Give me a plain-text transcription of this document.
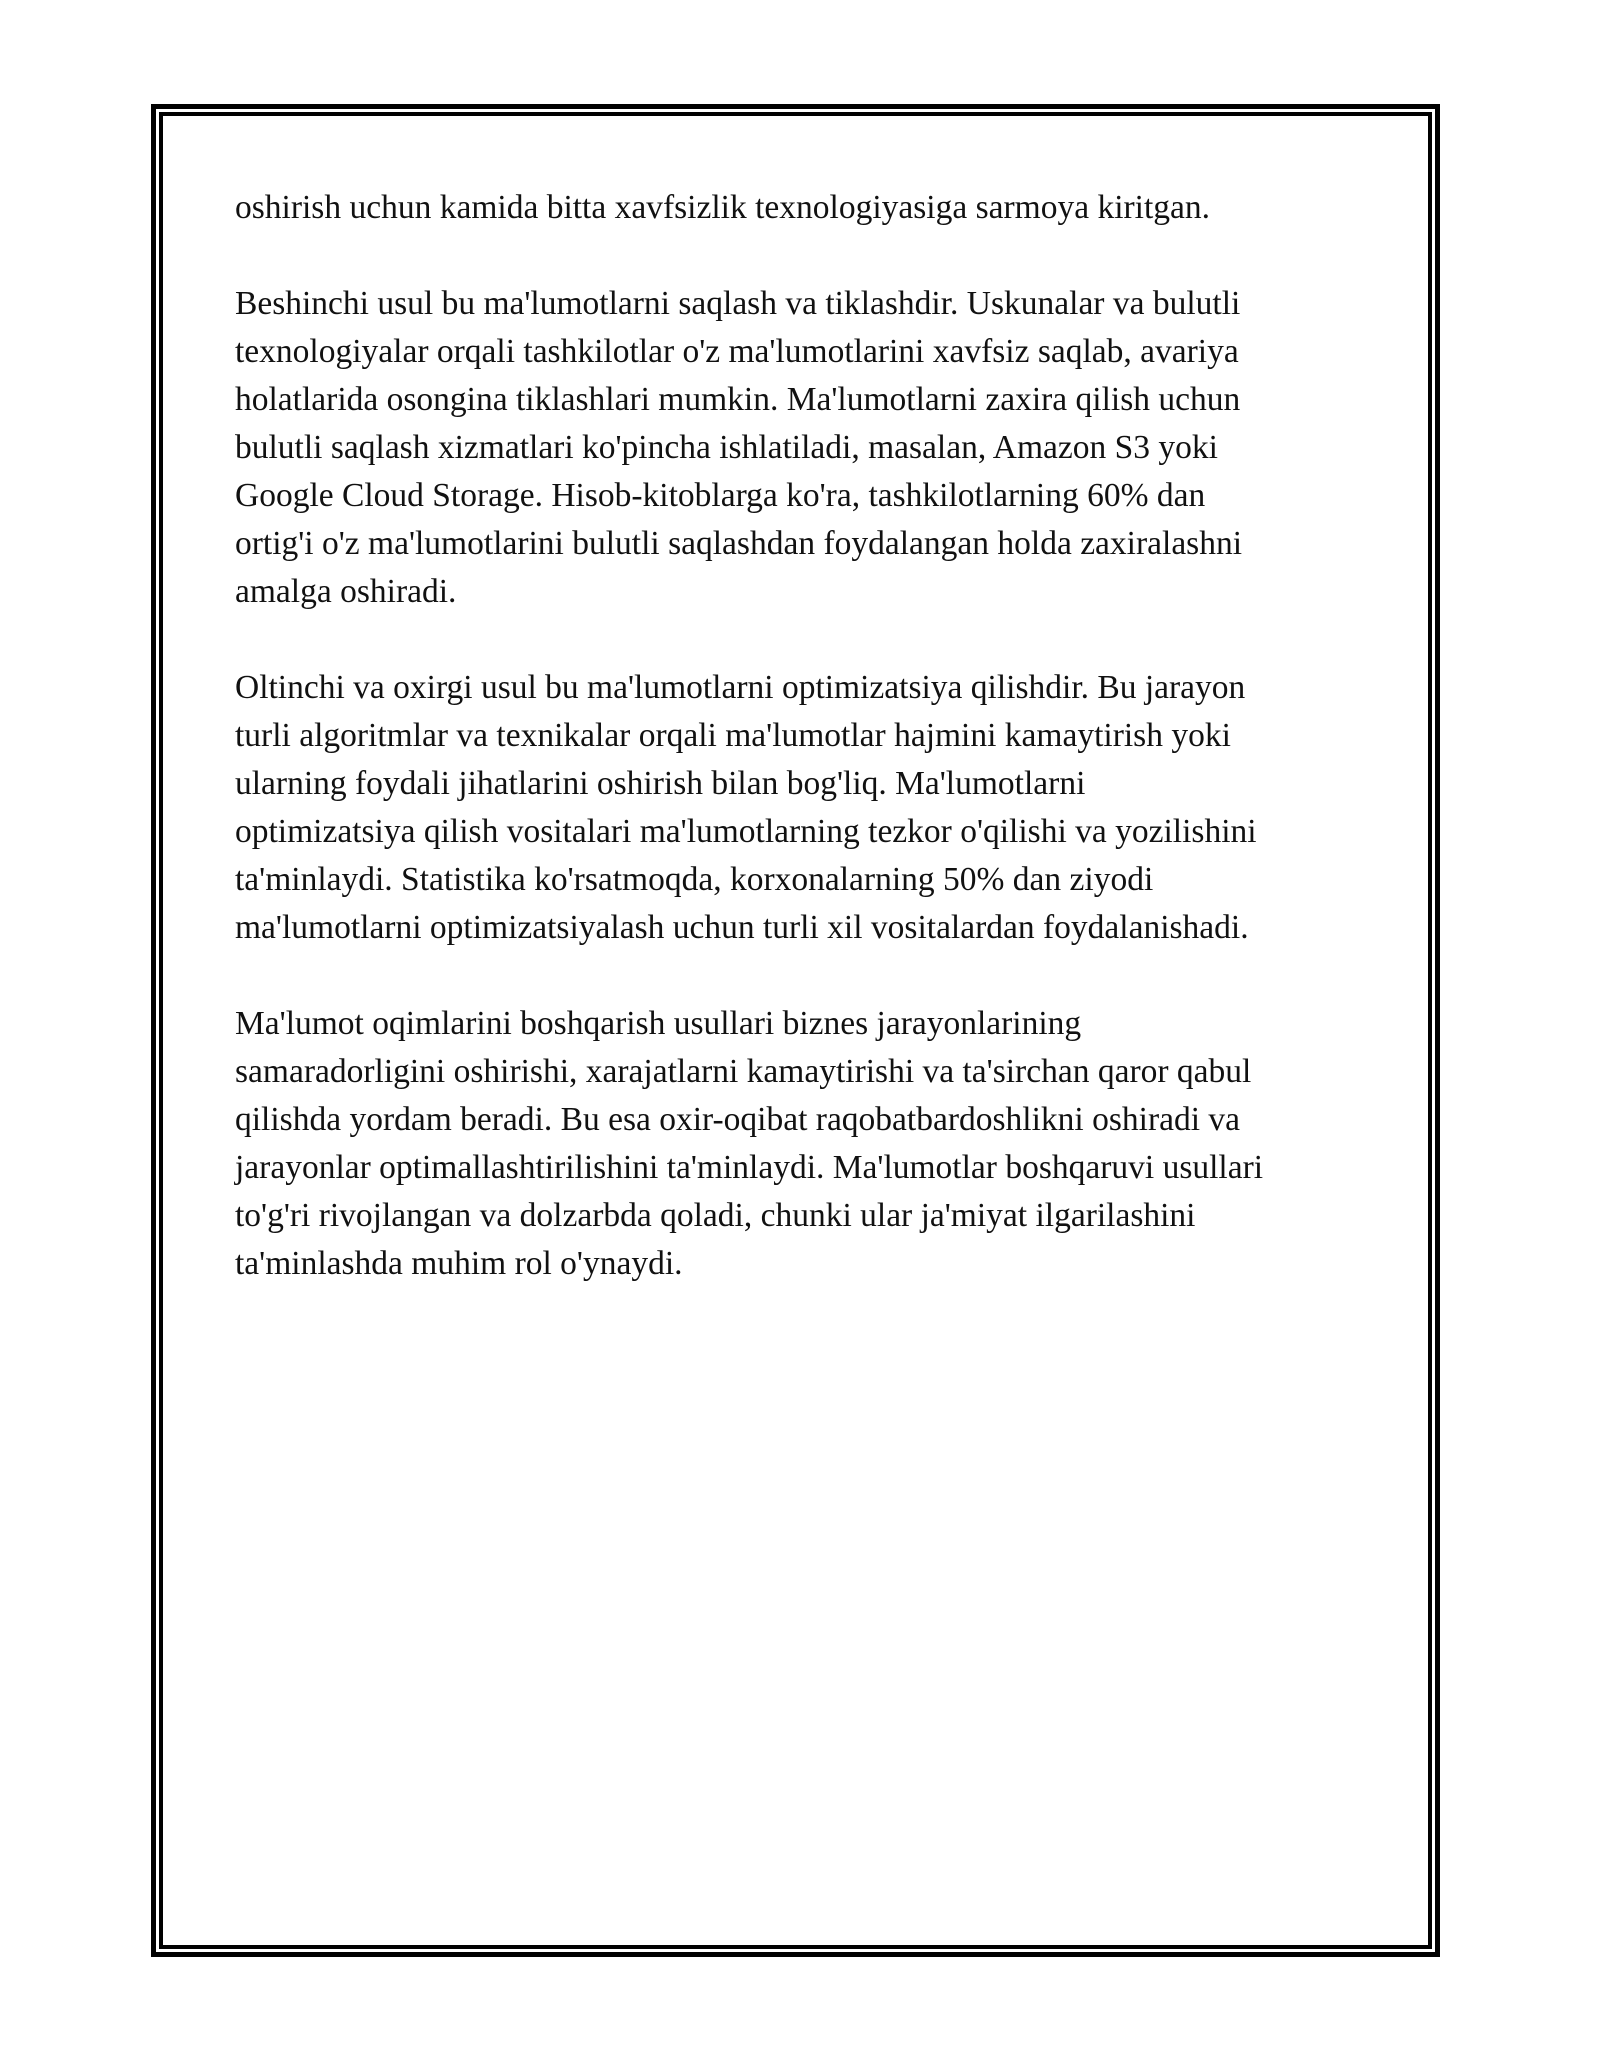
oshirish uchun kamida bitta xavfsizlik texnologiyasiga sarmoya kiritgan.

Beshinchi usul bu ma'lumotlarni saqlash va tiklashdir. Uskunalar va bulutli
texnologiyalar orqali tashkilotlar o'z ma'lumotlarini xavfsiz saqlab, avariya
holatlarida osongina tiklashlari mumkin. Ma'lumotlarni zaxira qilish uchun
bulutli saqlash xizmatlari ko'pincha ishlatiladi, masalan, Amazon S3 yoki
Google Cloud Storage. Hisob-kitoblarga ko'ra, tashkilotlarning 60% dan
ortig'i o'z ma'lumotlarini bulutli saqlashdan foydalangan holda zaxiralashni
amalga oshiradi.

Oltinchi va oxirgi usul bu ma'lumotlarni optimizatsiya qilishdir. Bu jarayon
turli algoritmlar va texnikalar orqali ma'lumotlar hajmini kamaytirish yoki
ularning foydali jihatlarini oshirish bilan bog'liq. Ma'lumotlarni
optimizatsiya qilish vositalari ma'lumotlarning tezkor o'qilishi va yozilishini
ta'minlaydi. Statistika ko'rsatmoqda, korxonalarning 50% dan ziyodi
ma'lumotlarni optimizatsiyalash uchun turli xil vositalardan foydalanishadi.

Ma'lumot oqimlarini boshqarish usullari biznes jarayonlarining
samaradorligini oshirishi, xarajatlarni kamaytirishi va ta'sirchan qaror qabul
qilishda yordam beradi. Bu esa oxir-oqibat raqobatbardoshlikni oshiradi va
jarayonlar optimallashtirilishini ta'minlaydi. Ma'lumotlar boshqaruvi usullari
to'g'ri rivojlangan va dolzarbda qoladi, chunki ular ja'miyat ilgarilashini
ta'minlashda muhim rol o'ynaydi.
